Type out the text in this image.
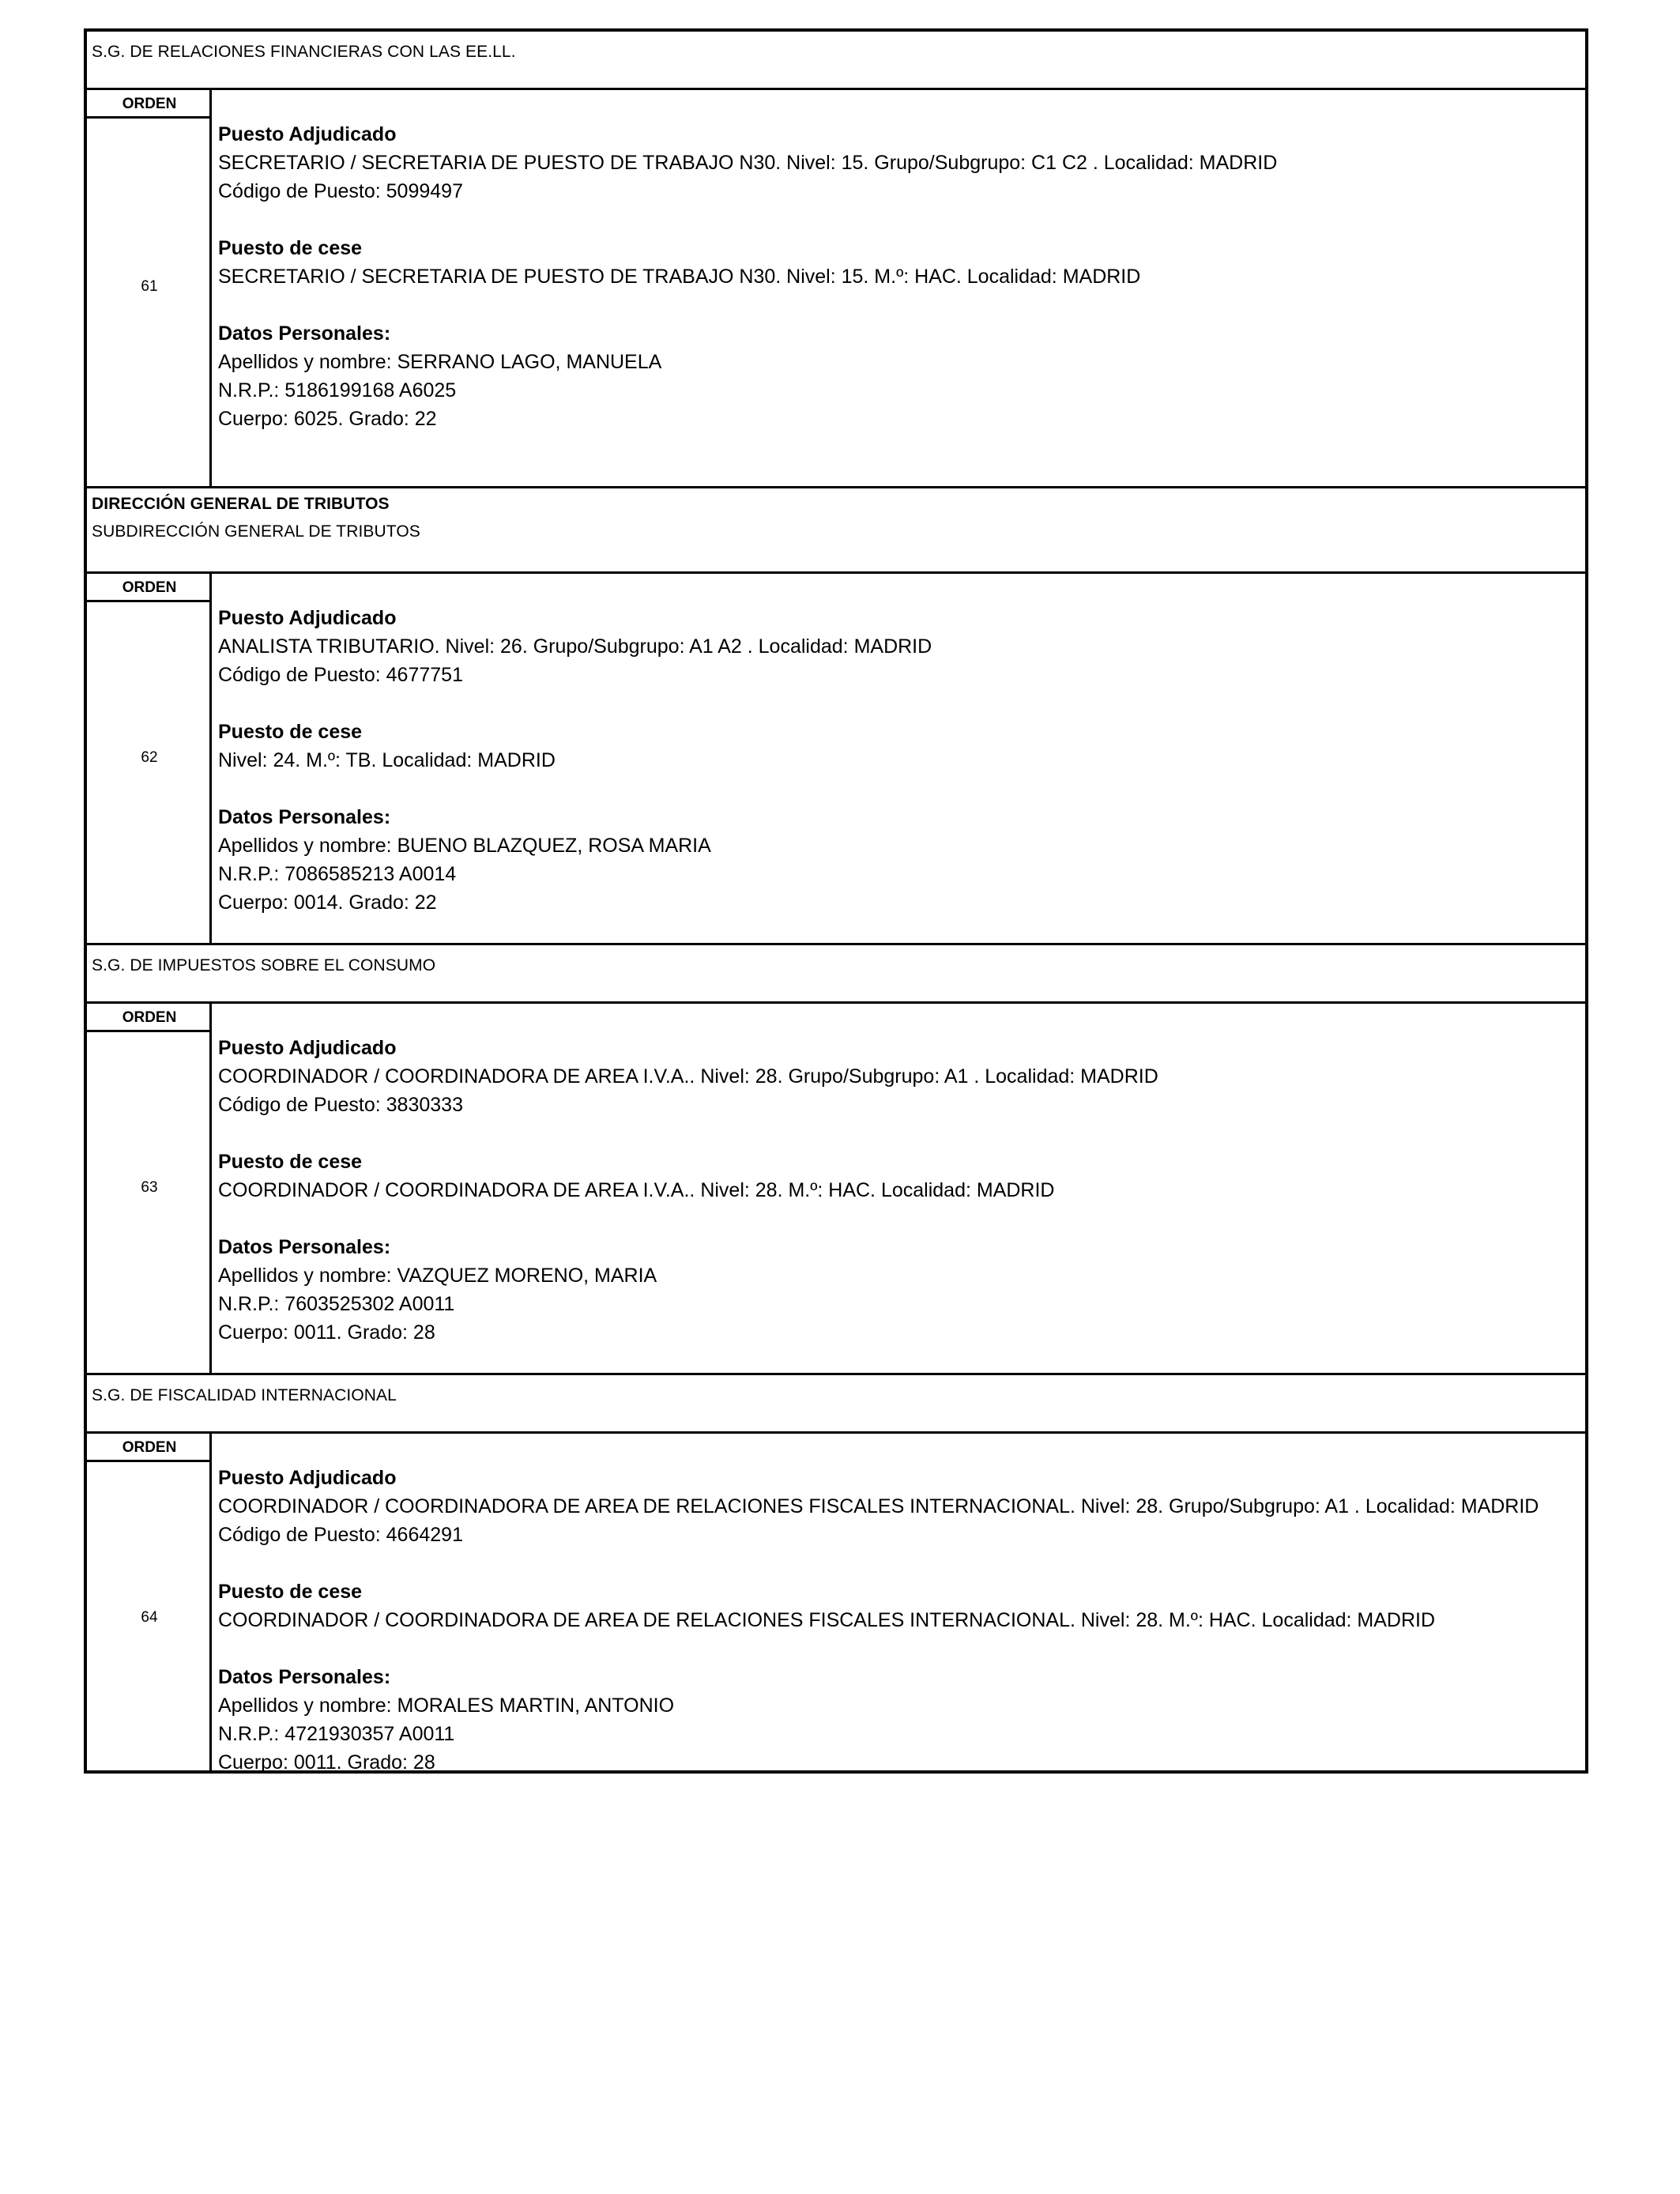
S.G. DE RELACIONES FINANCIERAS CON LAS EE.LL.
ORDEN
61
Puesto Adjudicado
SECRETARIO / SECRETARIA DE PUESTO DE TRABAJO N30. Nivel: 15. Grupo/Subgrupo: C1 C2 . Localidad: MADRID
Código de Puesto: 5099497
Puesto de cese
SECRETARIO / SECRETARIA DE PUESTO DE TRABAJO N30. Nivel: 15. M.º: HAC. Localidad: MADRID
Datos Personales:
Apellidos y nombre: SERRANO LAGO, MANUELA
N.R.P.: 5186199168 A6025
Cuerpo: 6025. Grado: 22
DIRECCIÓN GENERAL DE TRIBUTOS
SUBDIRECCIÓN GENERAL DE TRIBUTOS
ORDEN
62
Puesto Adjudicado
ANALISTA TRIBUTARIO. Nivel: 26. Grupo/Subgrupo: A1 A2 . Localidad: MADRID
Código de Puesto: 4677751
Puesto de cese
Nivel: 24. M.º: TB. Localidad: MADRID
Datos Personales:
Apellidos y nombre: BUENO BLAZQUEZ, ROSA MARIA
N.R.P.: 7086585213 A0014
Cuerpo: 0014. Grado: 22
S.G. DE IMPUESTOS SOBRE EL CONSUMO
ORDEN
63
Puesto Adjudicado
COORDINADOR / COORDINADORA DE AREA I.V.A.. Nivel: 28. Grupo/Subgrupo: A1 . Localidad: MADRID
Código de Puesto: 3830333
Puesto de cese
COORDINADOR / COORDINADORA DE AREA I.V.A.. Nivel: 28. M.º: HAC. Localidad: MADRID
Datos Personales:
Apellidos y nombre: VAZQUEZ MORENO, MARIA
N.R.P.: 7603525302 A0011
Cuerpo: 0011. Grado: 28
S.G. DE FISCALIDAD INTERNACIONAL
ORDEN
64
Puesto Adjudicado
COORDINADOR / COORDINADORA DE AREA DE RELACIONES FISCALES INTERNACIONAL. Nivel: 28. Grupo/Subgrupo: A1 . Localidad: MADRID
Código de Puesto: 4664291
Puesto de cese
COORDINADOR / COORDINADORA DE AREA DE RELACIONES FISCALES INTERNACIONAL. Nivel: 28. M.º: HAC. Localidad: MADRID
Datos Personales:
Apellidos y nombre: MORALES MARTIN, ANTONIO
N.R.P.: 4721930357 A0011
Cuerpo: 0011. Grado: 28
